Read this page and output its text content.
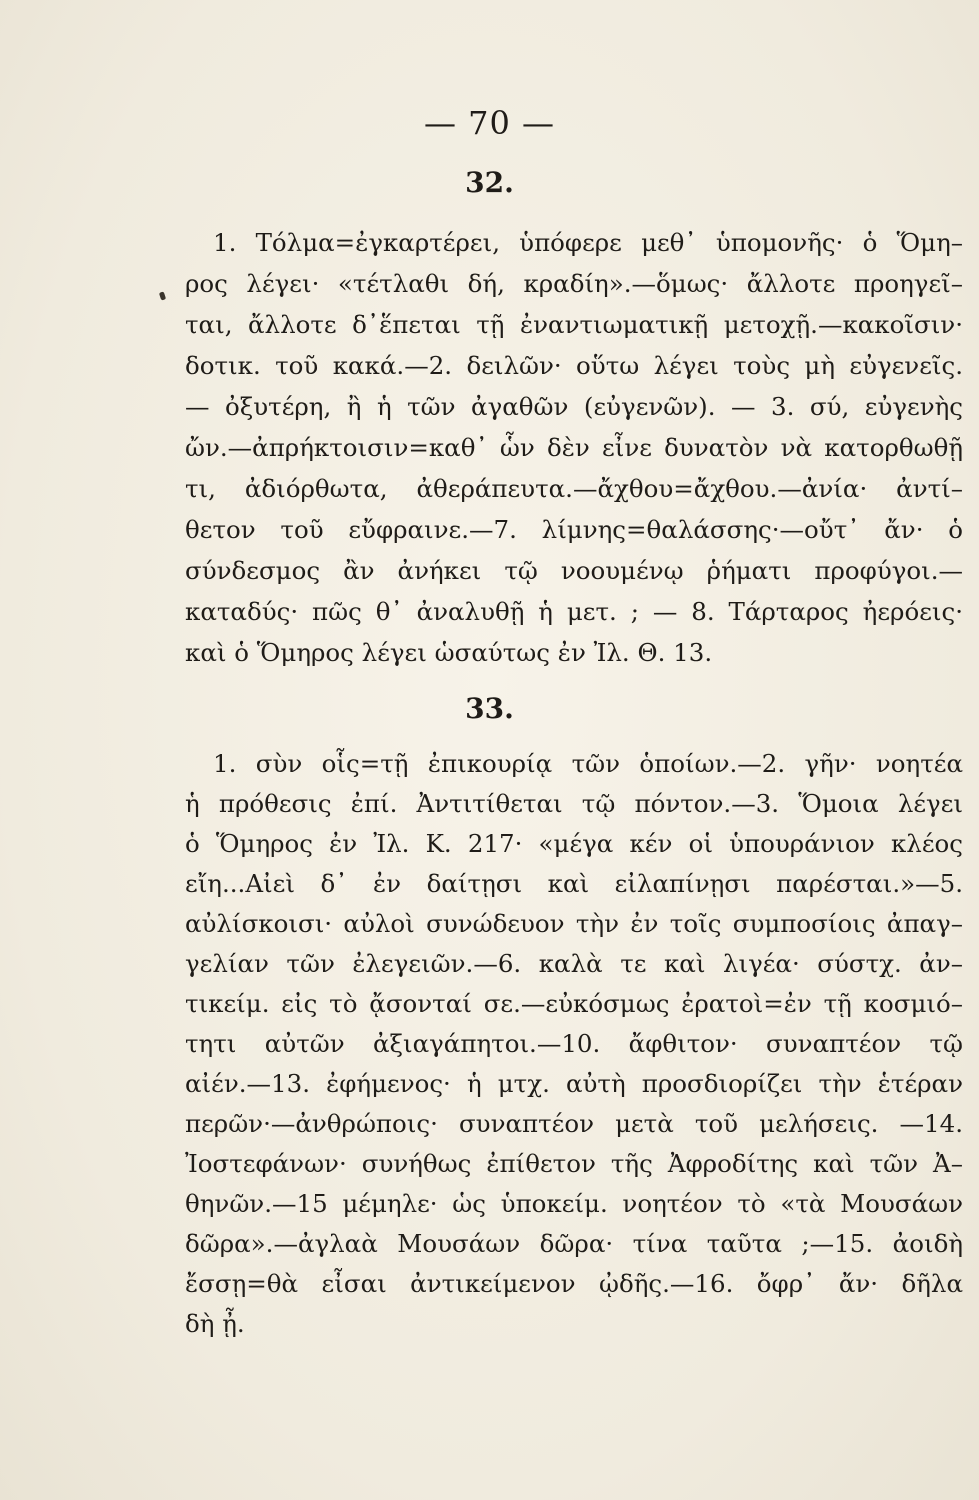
— 70 —
32.
1. Τόλμα=ἐγκαρτέρει, ὑπόφερε μεθ᾽ ὑπομονῆς· ὁ Ὅμη–
ρος λέγει· «τέτλαθι δή, κραδίη».—ὅμως· ἄλλοτε προηγεῖ–
ται, ἄλλοτε δ᾽ἕπεται τῇ ἐναντιωματικῇ μετοχῇ.—κακοῖσιν·
δοτικ. τοῦ κακά.—2. δειλῶν· οὕτω λέγει τοὺς μὴ εὐγενεῖς.
— ὀξυτέρη, ἢ ἡ τῶν ἀγαθῶν (εὐγενῶν). — 3. σύ, εὐγενὴς
ὤν.—ἀπρήκτοισιν=καθ᾽ ὧν δὲν εἶνε δυνατὸν νὰ κατορθωθῇ
τι, ἀδιόρθωτα, ἀθεράπευτα.—ἄχθου=ἄχθου.—ἀνία· ἀντί–
θετον τοῦ εὔφραινε.—7. λίμνης=θαλάσσης·—οὔτ᾽ ἄν· ὁ
σύνδεσμος ἂν ἀνήκει τῷ νοουμένῳ ῥήματι προφύγοι.—
καταδύς· πῶς θ᾽ ἀναλυθῇ ἡ μετ. ; — 8. Τάρταρος ἠερόεις·
καὶ ὁ Ὅμηρος λέγει ὡσαύτως ἐν Ἰλ. Θ. 13.
33.
1. σὺν οἷς=τῇ ἐπικουρίᾳ τῶν ὁποίων.—2. γῆν· νοητέα
ἡ πρόθεσις ἐπί. Ἀντιτίθεται τῷ πόντον.—3. Ὅμοια λέγει
ὁ Ὅμηρος ἐν Ἰλ. Κ. 217· «μέγα κέν οἱ ὑπουράνιον κλέος
εἴη...Αἰεὶ δ᾽ ἐν δαίτῃσι καὶ εἰλαπίνῃσι παρέσται.»—5.
αὐλίσκοισι· αὐλοὶ συνώδευον τὴν ἐν τοῖς συμποσίοις ἀπαγ–
γελίαν τῶν ἐλεγειῶν.—6. καλὰ τε καὶ λιγέα· σύστχ. ἀν–
τικείμ. εἰς τὸ ᾄσονταί σε.—εὐκόσμως ἐρατοὶ=ἐν τῇ κοσμιό–
τητι αὐτῶν ἀξιαγάπητοι.—10. ἄφθιτον· συναπτέον τῷ
αἰέν.—13. ἐφήμενος· ἡ μτχ. αὐτὴ προσδιορίζει τὴν ἑτέραν
περῶν·—ἀνθρώποις· συναπτέον μετὰ τοῦ μελήσεις. —14.
Ἰοστεφάνων· συνήθως ἐπίθετον τῆς Ἀφροδίτης καὶ τῶν Ἀ–
θηνῶν.—15 μέμηλε· ὡς ὑποκείμ. νοητέον τὸ «τὰ Μουσάων
δῶρα».—ἀγλαὰ Μουσάων δῶρα· τίνα ταῦτα ;—15. ἀοιδὴ
ἔσσῃ=θὰ εἶσαι ἀντικείμενον ᾠδῆς.—16. ὄφρ᾽ ἄν· δῆλα
δὴ ᾖ.
